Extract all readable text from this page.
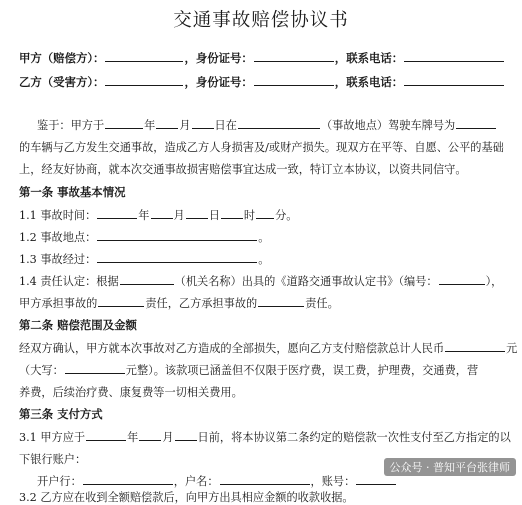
交通事故赔偿协议书
甲方（赔偿方）：	，身份证号：	，联系电话：
乙方（受害方）：	，身份证号：	，联系电话：
鉴于：甲方于	年 月 日在	（事故地点）驾驶车牌号为
的车辆与乙方发生交通事故，造成乙方人身损害及/或财产损失。现双方在平等、自愿、公平的基础
上，经友好协商，就本次交通事故损害赔偿事宜达成一致，特订立本协议，以资共同信守。
第一条 事故基本情况
1.1 事故时间：	年 月 日 时 分。
1.2 事故地点：	。
1.3 事故经过：	。
1.4 责任认定：根据	（机关名称）出具的《道路交通事故认定书》（编号：	），
甲方承担事故的	责任，乙方承担事故的	责任。
第二条 赔偿范围及金额
经双方确认，甲方就本次事故对乙方造成的全部损失，愿向乙方支付赔偿款总计人民币	元
（大写：	元整）。该款项已涵盖但不仅限于医疗费，误工费，护理费，交通费，营
养费，后续治疗费、康复费等一切相关费用。
第三条 支付方式
3.1 甲方应于	年 月 日前，将本协议第二条约定的赔偿款一次性支付至乙方指定的以
下银行账户：
开户行：	，户名：	，账号：
3.2 乙方应在收到全额赔偿款后，向甲方出具相应金额的收款收据。
公众号 · 普知平台张律师
